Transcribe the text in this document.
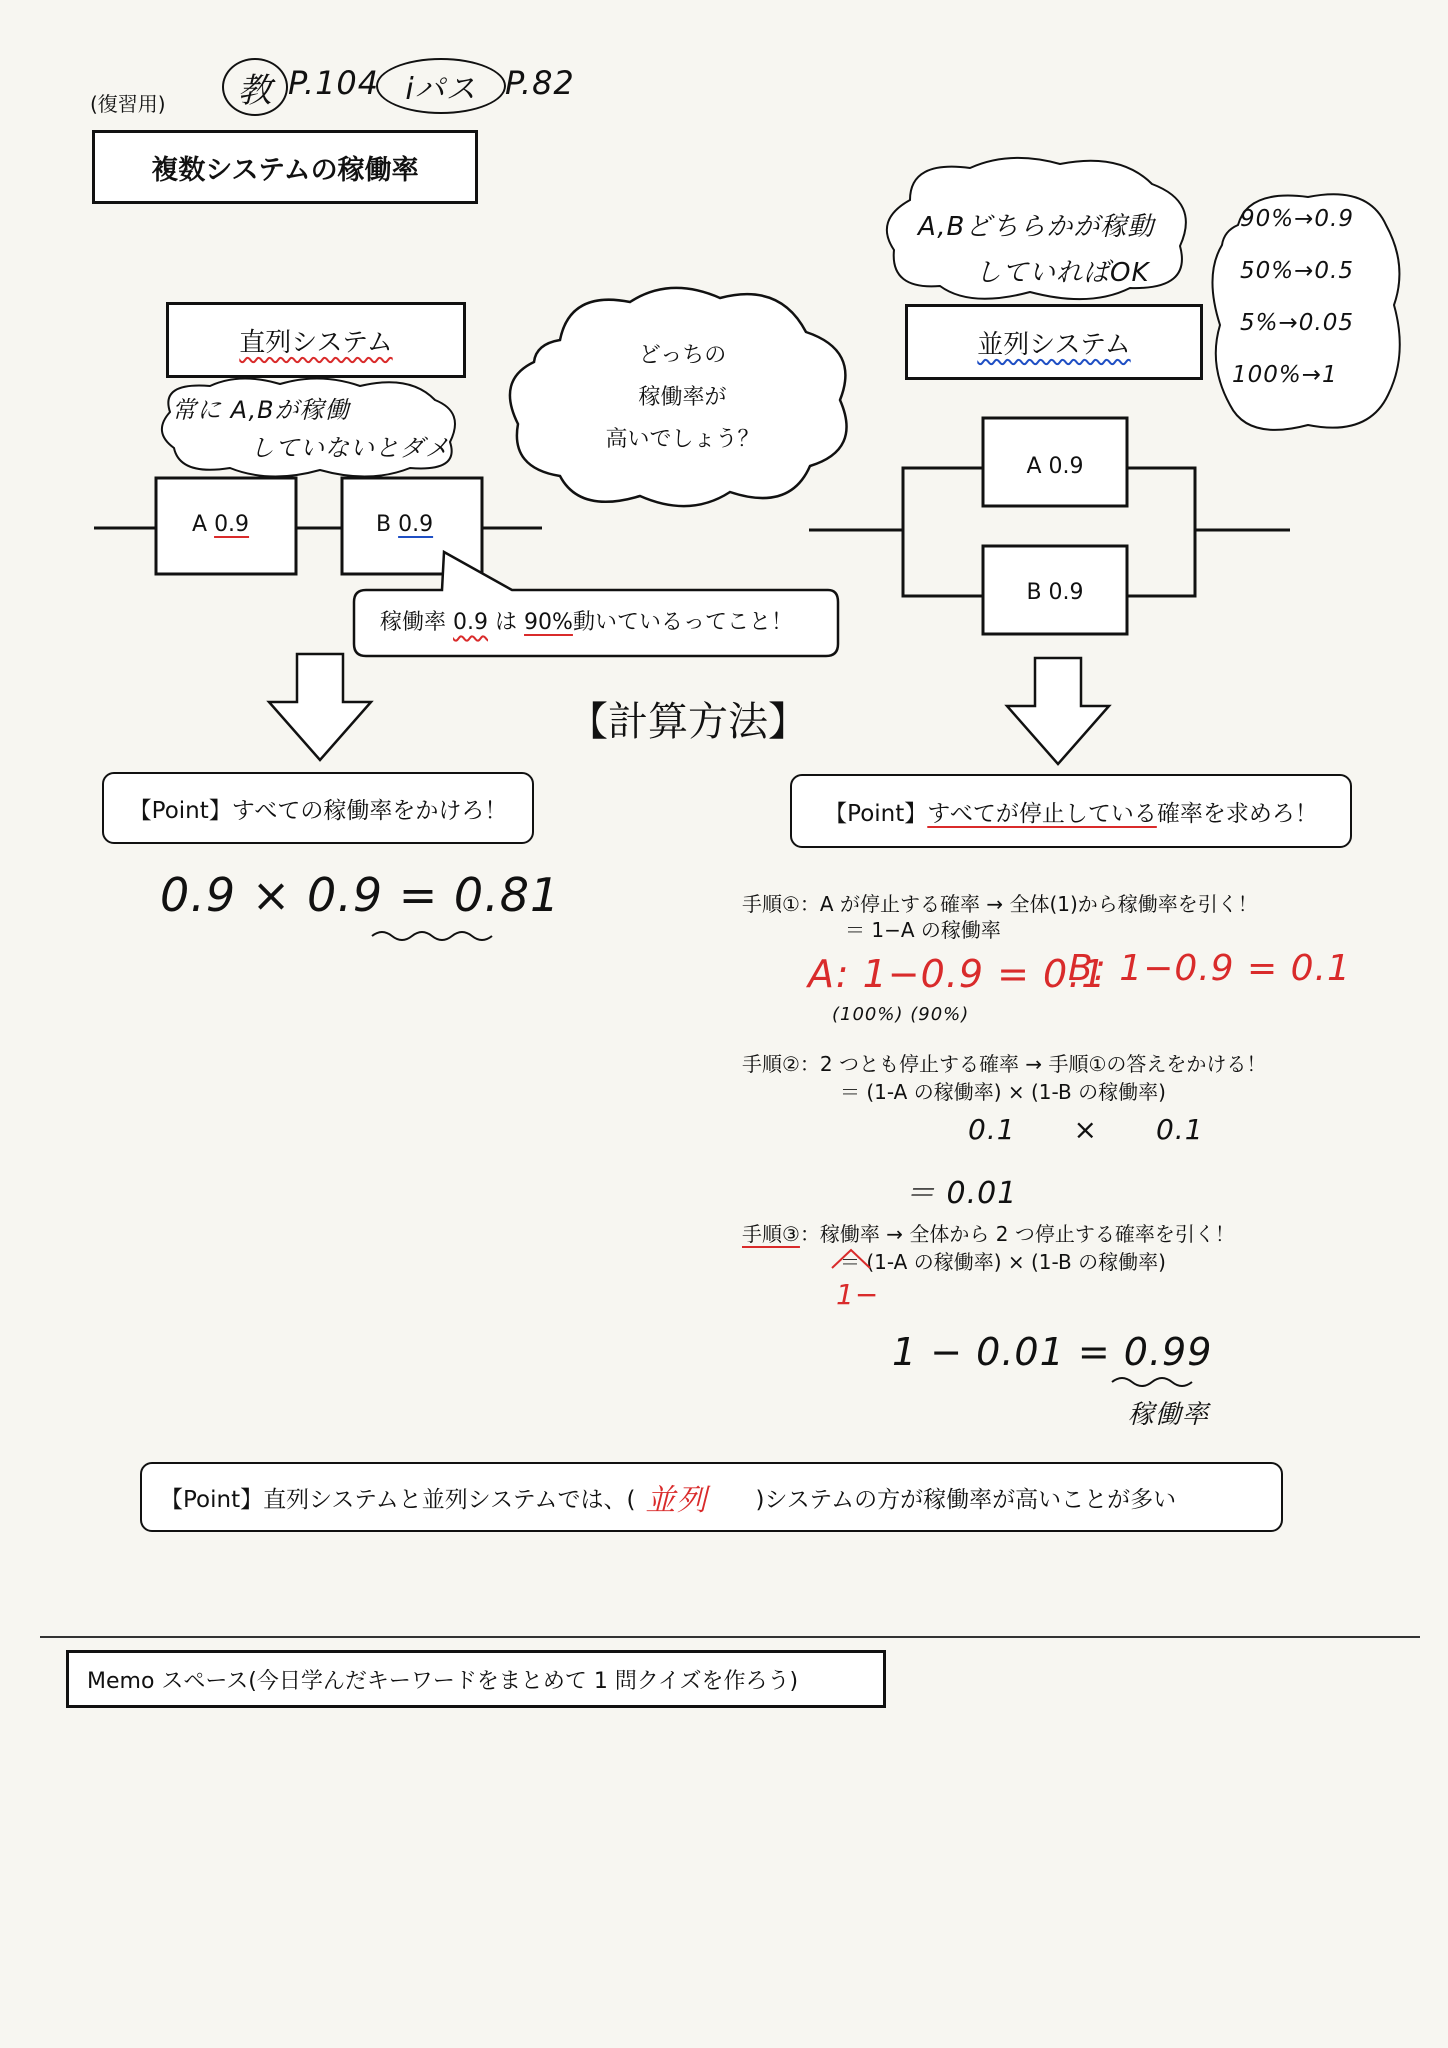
(復習用)	教 P.104 iパス P.82
複数システムの稼働率
直列システム
常に A,Bが稼働
していないとダメ
A 0.9	B 0.9
稼働率 0.9 は 90%動いているってこと！
どっちの
稼働率が
高いでしょう？
A,Bどちらかが稼動
していればOK
90%→0.9
50%→0.5
5%→0.05
100%→1
並列システム
A 0.9
B 0.9
【計算方法】
【Point】すべての稼働率をかけろ！
0.9 × 0.9 = 0.81
【Point】すべてが停止している確率を求めろ！
手順①：A が停止する確率 → 全体(1)から稼働率を引く！
＝ 1−A の稼働率
A: 1−0.9 = 0.1
B: 1−0.9 = 0.1
(100%) (90%)
手順②：2 つとも停止する確率 → 手順①の答えをかける！
＝ (1-A の稼働率) × (1-B の稼働率)
0.1　　×　　0.1
＝ 0.01
手順③：稼働率 → 全体から 2 つ停止する確率を引く！
＝ (1-A の稼働率) × (1-B の稼働率)
1−
1 − 0.01 = 0.99
稼働率
【Point】直列システムと並列システムでは、( 並列	)システムの方が稼働率が高いことが多い
Memo スペース(今日学んだキーワードをまとめて 1 問クイズを作ろう)
